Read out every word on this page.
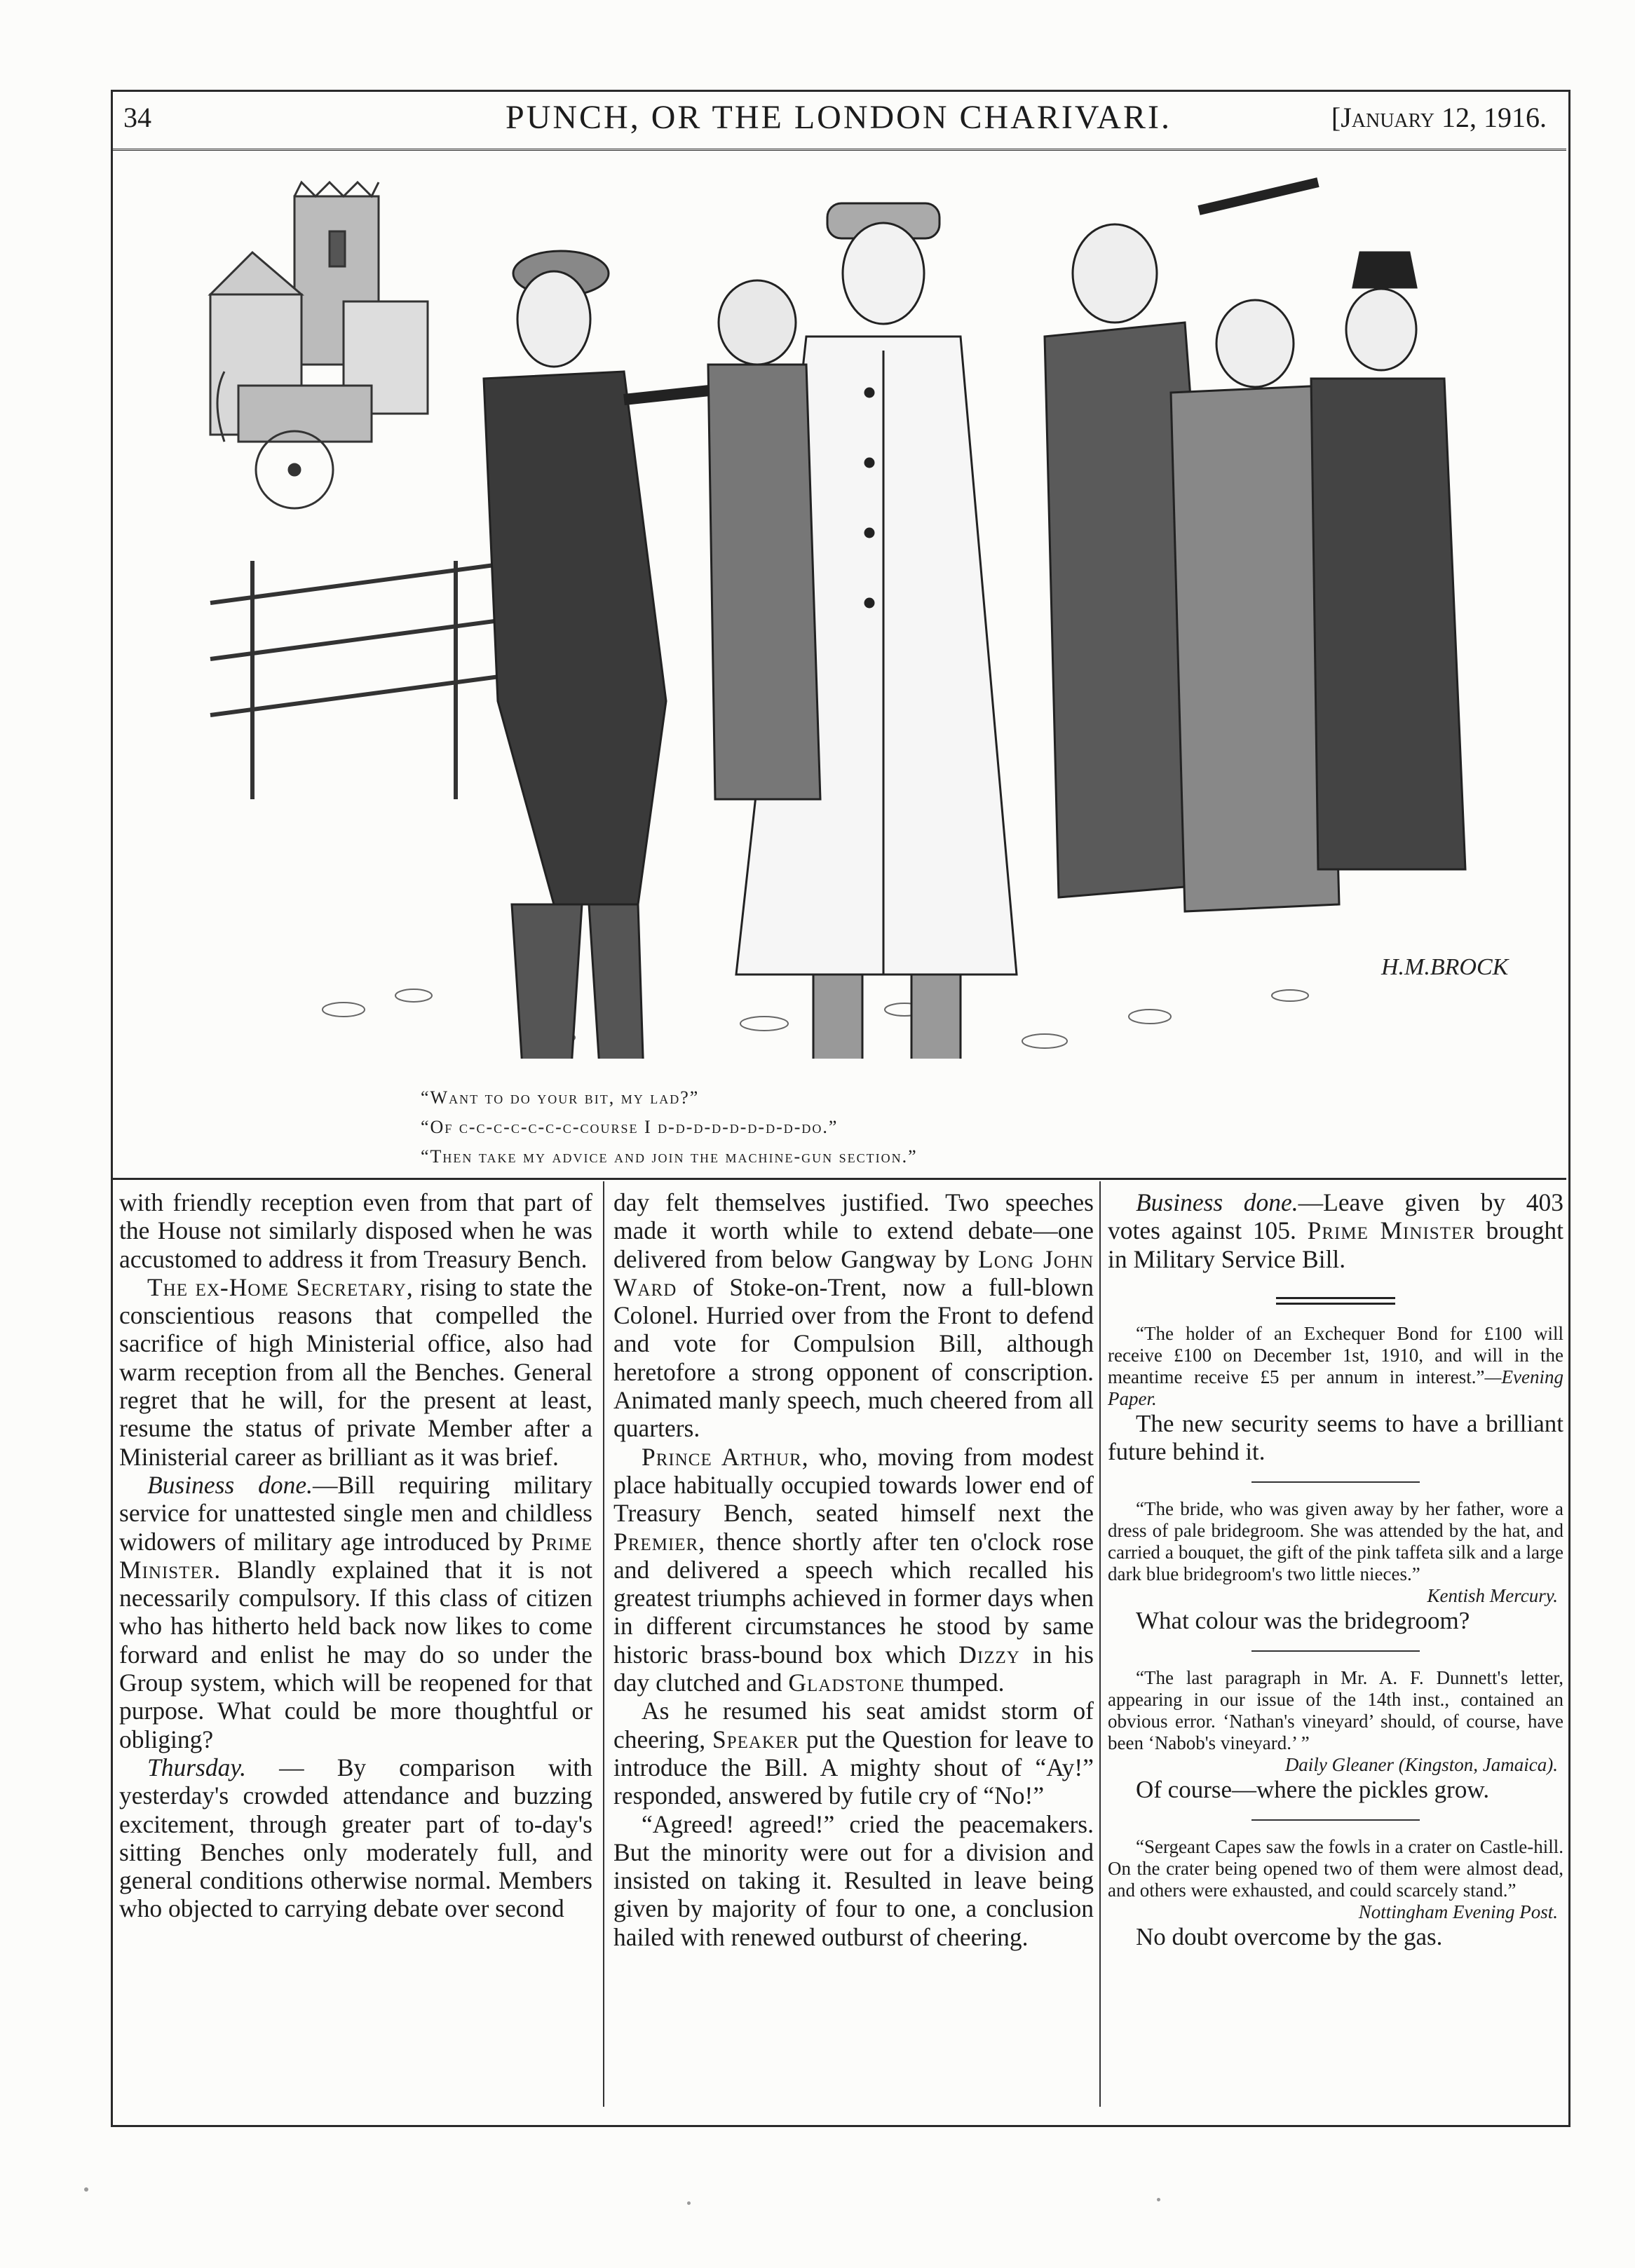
34	PUNCH, OR THE LONDON CHARIVARI.	[January 12, 1916.
H.M.BROCK
“Want to do your bit, my lad?”
“Of c-c-c-c-c-c-c-course I d-d-d-d-d-d-d-d-do.”
“Then take my advice and join the machine-gun section.”

with friendly reception even from that part of the House not similarly disposed when he was accustomed to address it from Treasury Bench.

The ex-Home Secretary, rising to state the conscientious reasons that compelled the sacrifice of high Ministerial office, also had warm reception from all the Benches. General regret that he will, for the present at least, resume the status of private Member after a Ministerial career as brilliant as it was brief.

Business done.—Bill requiring military service for unattested single men and childless widowers of military age introduced by Prime Minister. Blandly explained that it is not necessarily compulsory. If this class of citizen who has hitherto held back now likes to come forward and enlist he may do so under the Group system, which will be reopened for that purpose. What could be more thoughtful or obliging?

Thursday. — By comparison with yesterday's crowded attendance and buzzing excitement, through greater part of to-day's sitting Benches only moderately full, and general conditions otherwise normal. Members who objected to carrying debate over second

day felt themselves justified. Two speeches made it worth while to extend debate—one delivered from below Gangway by Long John Ward of Stoke-on-Trent, now a full-blown Colonel. Hurried over from the Front to defend and vote for Compulsion Bill, although heretofore a strong opponent of conscription. Animated manly speech, much cheered from all quarters.

Prince Arthur, who, moving from modest place habitually occupied towards lower end of Treasury Bench, seated himself next the Premier, thence shortly after ten o'clock rose and delivered a speech which recalled his greatest triumphs achieved in former days when in different circumstances he stood by same historic brass-bound box which Dizzy in his day clutched and Gladstone thumped.

As he resumed his seat amidst storm of cheering, Speaker put the Question for leave to introduce the Bill. A mighty shout of “Ay!” responded, answered by futile cry of “No!”

“Agreed! agreed!” cried the peacemakers. But the minority were out for a division and insisted on taking it. Resulted in leave being given by majority of four to one, a conclusion hailed with renewed outburst of cheering.

Business done.—Leave given by 403 votes against 105. Prime Minister brought in Military Service Bill.

“The holder of an Exchequer Bond for £100 will receive £100 on December 1st, 1910, and will in the meantime receive £5 per annum in interest.”—Evening Paper.

The new security seems to have a brilliant future behind it.

“The bride, who was given away by her father, wore a dress of pale bridegroom. She was attended by the hat, and carried a bouquet, the gift of the pink taffeta silk and a large dark blue bridegroom's two little nieces.”

Kentish Mercury.

What colour was the bridegroom?

“The last paragraph in Mr. A. F. Dunnett's letter, appearing in our issue of the 14th inst., contained an obvious error. ‘Nathan's vineyard’ should, of course, have been ‘Nabob's vineyard.’ ”

Daily Gleaner (Kingston, Jamaica).

Of course—where the pickles grow.

“Sergeant Capes saw the fowls in a crater on Castle-hill. On the crater being opened two of them were almost dead, and others were exhausted, and could scarcely stand.”

Nottingham Evening Post.

No doubt overcome by the gas.
